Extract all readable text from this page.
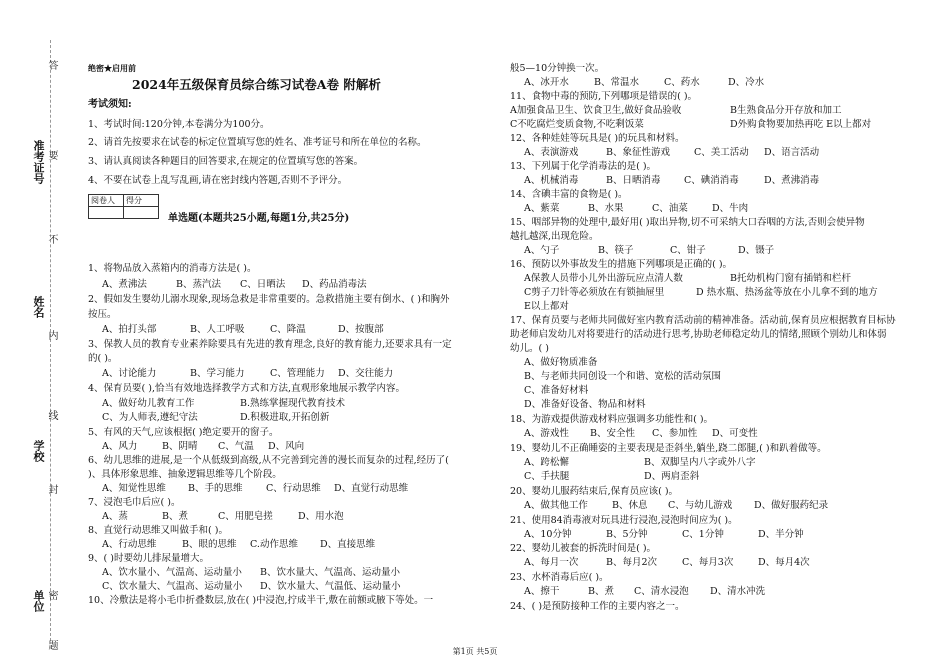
准考证号
姓名
学校
单位 密
封
线
内
不
要
答
题
绝密★启用前
2024年五级保育员综合练习试卷A卷 附解析
考试须知:
1、考试时间:120分钟,本卷满分为100分。
2、请首先按要求在试卷的标定位置填写您的姓名、准考证号和所在单位的名称。
3、请认真阅读各种题目的回答要求,在规定的位置填写您的答案。
4、不要在试卷上乱写乱画,请在密封线内答题,否则不予评分。
阅卷人	得分

单选题(本题共25小题,每题1分,共25分)
1、将物品放入蒸箱内的消毒方法是( )。
A、煮沸法	B、蒸汽法 C、日晒法 D、药品消毒法
2、假如发生婴幼儿溺水现象,现场急救是非常重要的。急救措施主要有倒水、( )和胸外
按压。
A、拍打头部	B、人工呼吸	C、降温	D、按腹部
3、保教人员的教育专业素养除要具有先进的教育理念,良好的教育能力,还要求具有一定
的( )。
A、讨论能力	B、学习能力	C、管理能力 D、交往能力
4、保育员要( ),恰当有效地选择教学方式和方法,直观形象地展示教学内容。
A、做好幼儿教育工作	B.熟练掌握现代教育技术
C、为人师表,遵纪守法	D.积极进取,开拓创新
5、有风的天气,应该根据( )绝定要开的窗子。
A、风力	B、阴晴 C、气温 D、风向
6、幼儿思维的进展,是一个从低级到高级,从不完善到完善的漫长而复杂的过程,经历了(
)、具体形象思维、抽象逻辑思维等几个阶段。
A、知觉性思维 B、手的思维 C、行动思维 D、直觉行动思维
7、浸泡毛巾后应( )。
A、蒸	B、煮	C、用肥皂搓	D、用水泡
8、直觉行动思维又叫做手和( )。
A、行动思维	B、眼的思维 C.动作思维 D、直接思维
9、( )时要幼儿排尿量增大。
A、饮水量小、气温高、运动量小 B、饮水量大、气温高、运动量小
C、饮水量大、气温高、运动量小 D、饮水量大、气温低、运动量小
10、冷敷法是将小毛巾折叠数层,放在( )中浸泡,拧成半干,敷在前额或腋下等处。一
般5—10分钟换一次。
A、冰开水	B、常温水	C、药水	D、冷水
11、食物中毒的预防,下列哪项是错误的( )。
A加强食品卫生、饮食卫生,做好食品验收	B生熟食品分开存放和加工
C不吃腐烂变质食物,不吃剩饭菜	D外购食物要加热再吃 E以上都对
12、各种娃娃等玩具是( )的玩具和材料。
A、表演游戏	B、象征性游戏	C、美工活动 D、语言活动
13、下列属于化学消毒法的是( )。
A、机械消毒	B、日晒消毒 C、碘消消毒	D、煮沸消毒
14、含碘丰富的食物是( )。
A、紫菜	B、水果	C、油菜	D、牛肉
15、咽部异物的处理中,最好用( )取出异物,切不可采纳大口吞咽的方法,否则会使异物
越扎越深,出现危险。
A、勺子	B、筷子	C、钳子	D、镊子
16、预防以外事故发生的措施下列哪项是正确的( )。
A保教人员带小儿外出游玩应点清人数	B托幼机构门窗有插销和栏杆
C剪子刀针等必须放在有锁抽屉里	D 热水瓶、热汤盆等放在小儿拿不到的地方
E以上都对
17、保育员要与老师共同做好室内教育活动前的精神准备。活动前,保育员应根据教育目标协
助老师启发幼儿对将要进行的活动进行思考,协助老师稳定幼儿的情绪,照顾个别幼儿和体弱
幼儿。( )
A、做好物质准备
B、与老师共同创设一个和谐、宽松的活动氛围
C、准备好材料
D、准备好设备、物品和材料
18、为游戏提供游戏材料应强调多功能性和( )。
A、游戏性 B、安全性 C、参加性 D、可变性
19、婴幼儿不正确睡姿的主要表现是歪斜坐,躺坐,跷二郎腿,( )和趴着做等。
A、跨松懈	B、双脚呈内八字或外八字
C、手扶腿	D、两肩歪斜
20、婴幼儿服药结束后,保育员应该( )。
A、做其他工作	B、休息 C、与幼儿游戏 D、做好服药纪录
21、使用84消毒液对玩具进行浸泡,浸泡时间应为( )。
A、10分钟	B、5分钟	C、1分钟	D、半分钟
22、婴幼儿被套的拆洗时间是( )。
A、每月一次	B、每月2次	C、每月3次	D、每月4次
23、水杯消毒后应( )。
A、擦干	B、煮 C、清水浸泡 D、清水冲洗
24、( )是预防接种工作的主要内容之一。
第1页 共5页
